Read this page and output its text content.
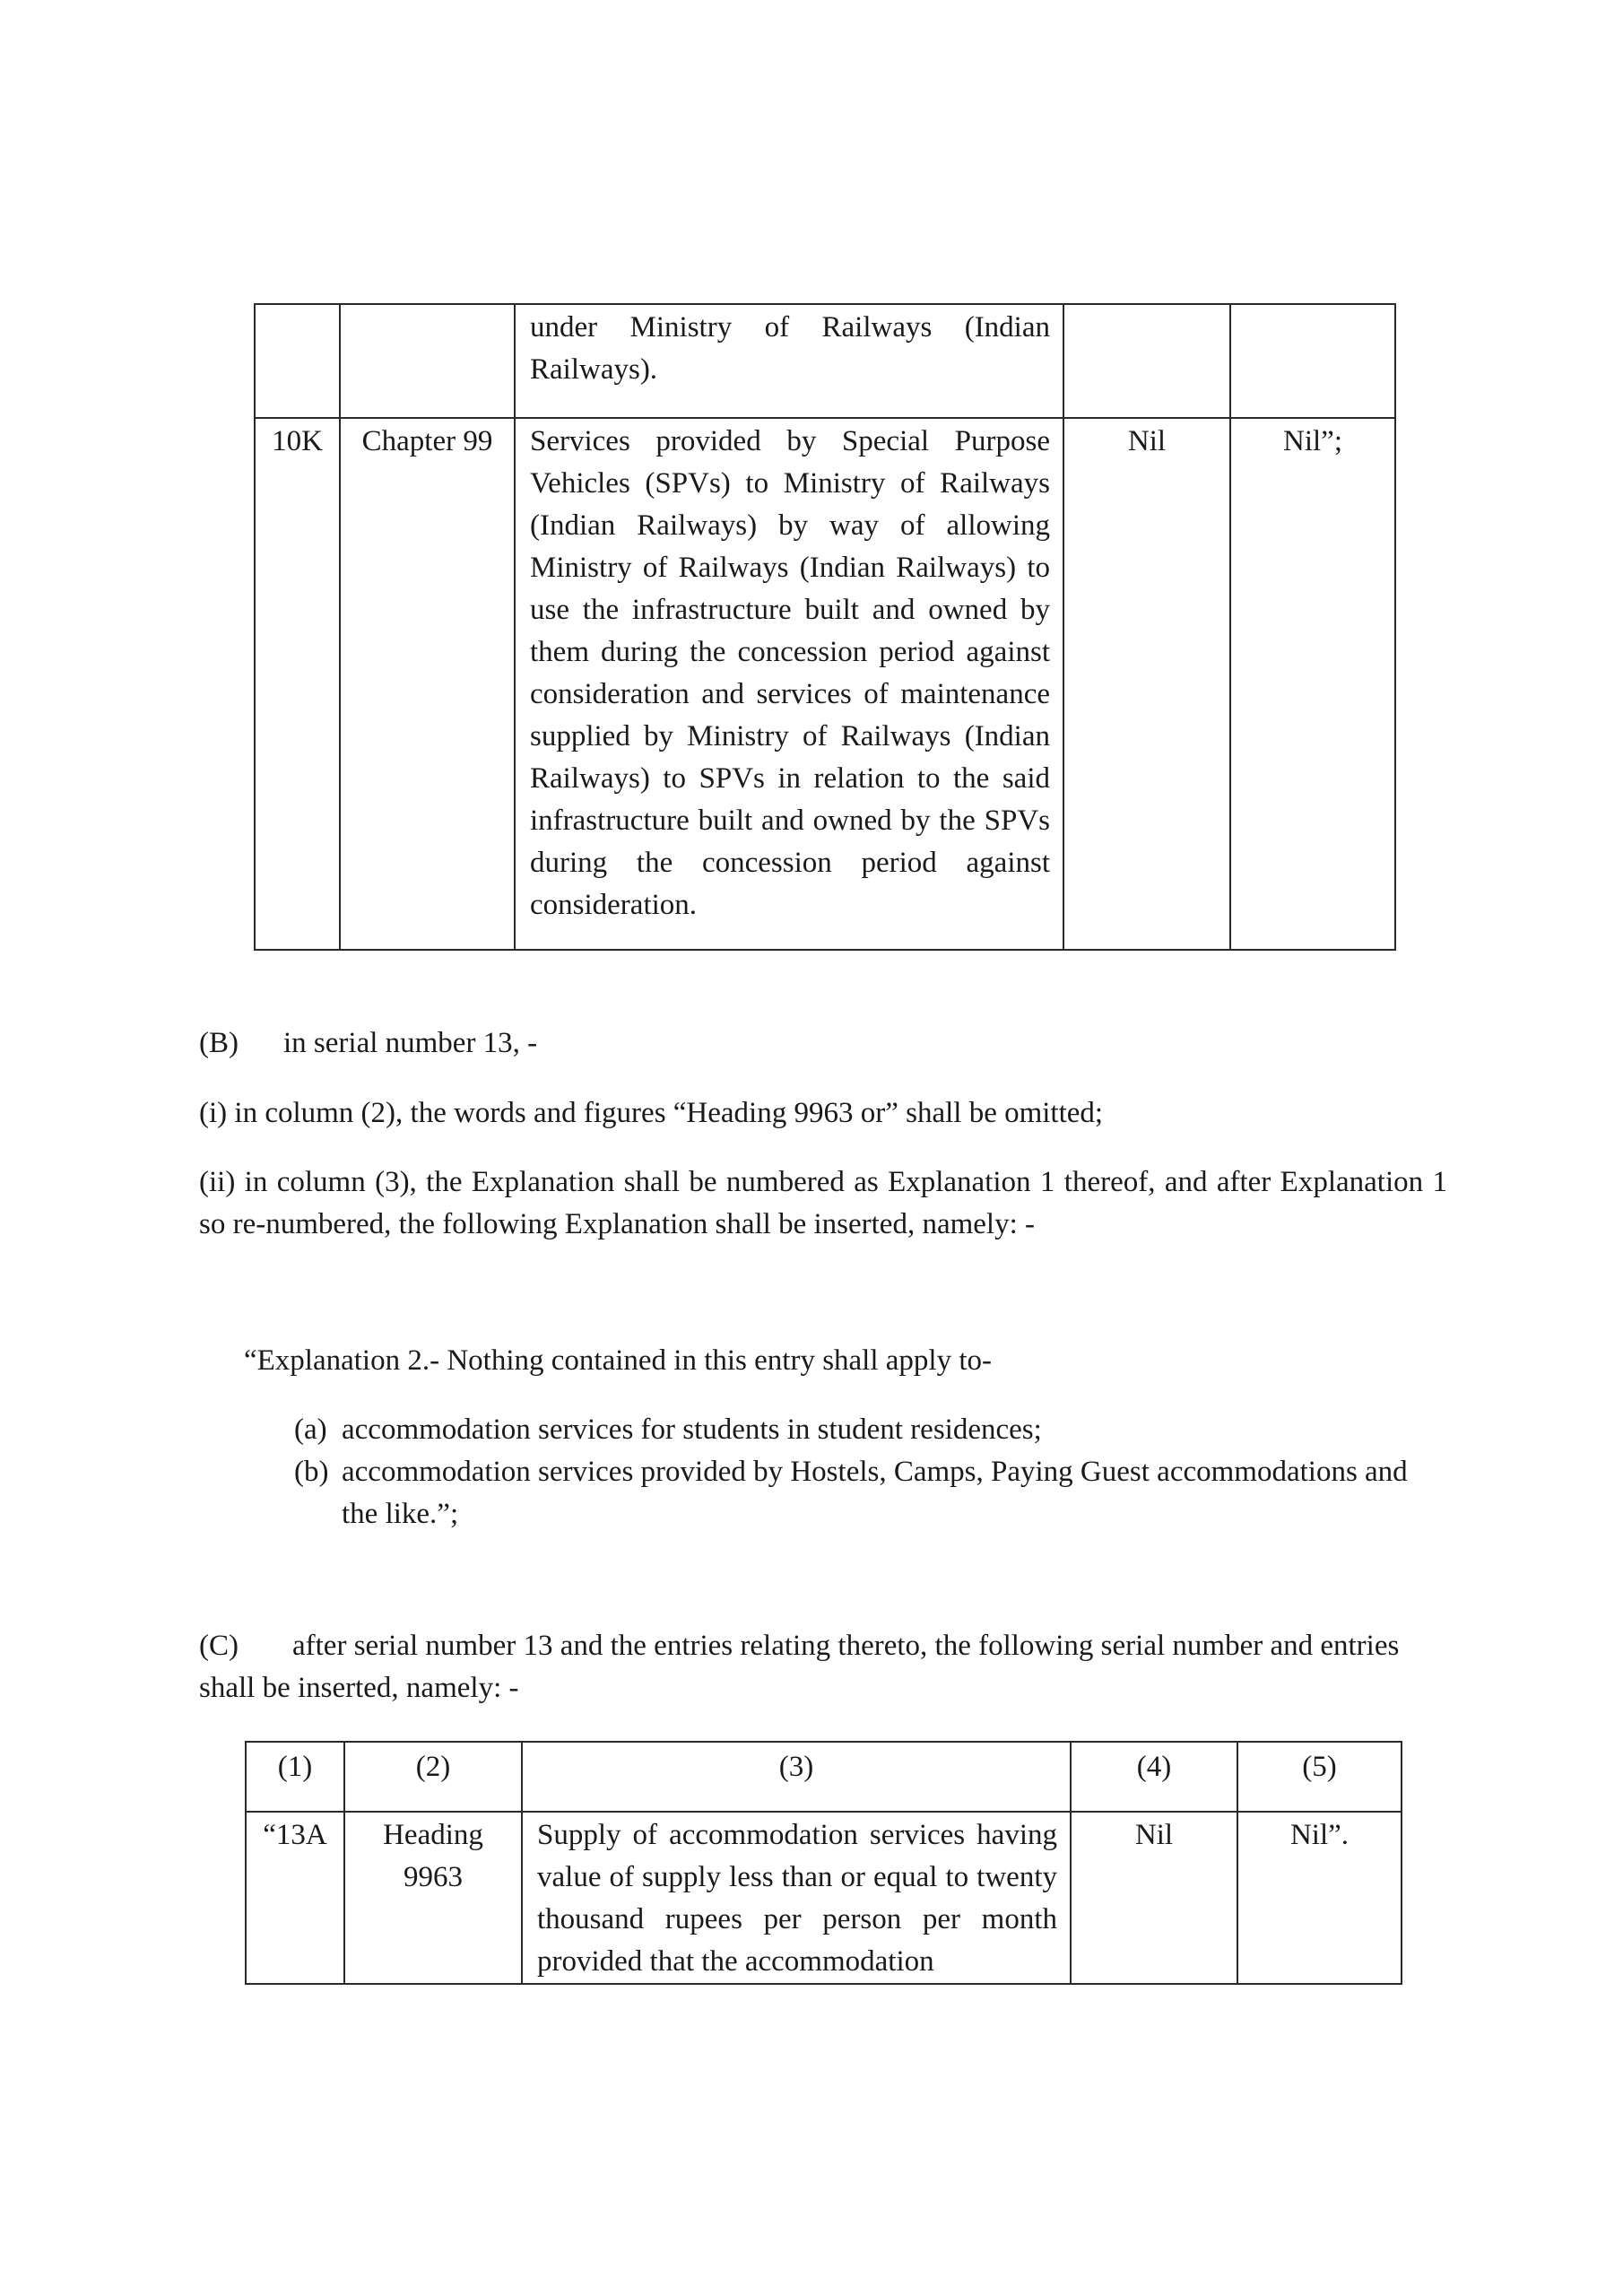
		under Ministry of Railways (Indian Railways).		
10K	Chapter 99	Services provided by Special Purpose Vehicles (SPVs) to Ministry of Railways (Indian Railways) by way of allowing Ministry of Railways (Indian Railways) to use the infrastructure built and owned by them during the concession period against consideration and services of maintenance supplied by Ministry of Railways (Indian Railways) to SPVs in relation to the said infrastructure built and owned by the SPVs during the concession period against consideration.	Nil	Nil”;
(B) in serial number 13, -

(i) in column (2), the words and figures “Heading 9963 or” shall be omitted;

(ii) in column (3), the Explanation shall be numbered as Explanation 1 thereof, and after Explanation 1 so re-numbered, the following Explanation shall be inserted, namely: -

“Explanation 2.- Nothing contained in this entry shall apply to-

(a) accommodation services for students in student residences;
(b) accommodation services provided by Hostels, Camps, Paying Guest accommodations and the like.”;
(C)	after serial number 13 and the entries relating thereto, the following serial number and entries shall be inserted, namely: -
(1)	(2)	(3)	(4)	(5)
“13A	Heading 9963	Supply of accommodation services having value of supply less than or equal to twenty thousand rupees per person per month provided that the accommodation	Nil	Nil”.
